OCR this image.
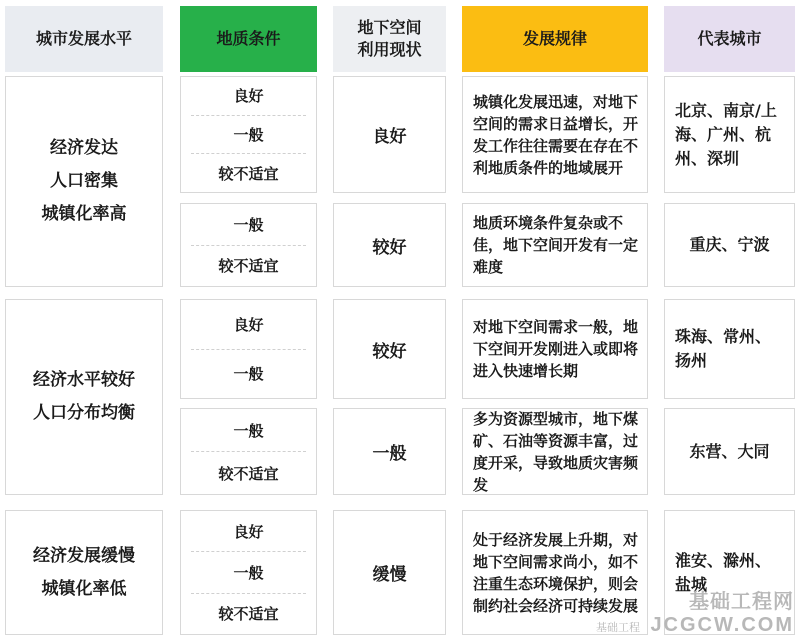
城市发展水平	地质条件
地下空间
利用现状
发展规律	代表城市
经济发达
人口密集
城镇化率高
良好
一般
较不适宜
良好
城镇化发展迅速，对地下空间的需求日益增长，开发工作往往需要在存在不利地质条件的地域展开
北京、南京/上海、广州、杭州、深圳
一般
较不适宜
较好
地质环境条件复杂或不佳，地下空间开发有一定难度
重庆、宁波
经济水平较好
人口分布均衡
良好
一般
较好
对地下空间需求一般，地下空间开发刚进入或即将进入快速增长期
珠海、常州、扬州
一般
较不适宜
一般
多为资源型城市，地下煤矿、石油等资源丰富，过度开采，导致地质灾害频发
东营、大同
经济发展缓慢
城镇化率低
良好
一般
较不适宜
缓慢
处于经济发展上升期，对地下空间需求尚小，如不注重生态环境保护，则会制约社会经济可持续发展
淮安、滁州、盐城
基础工程网
基础工程 JCGCW.COM
